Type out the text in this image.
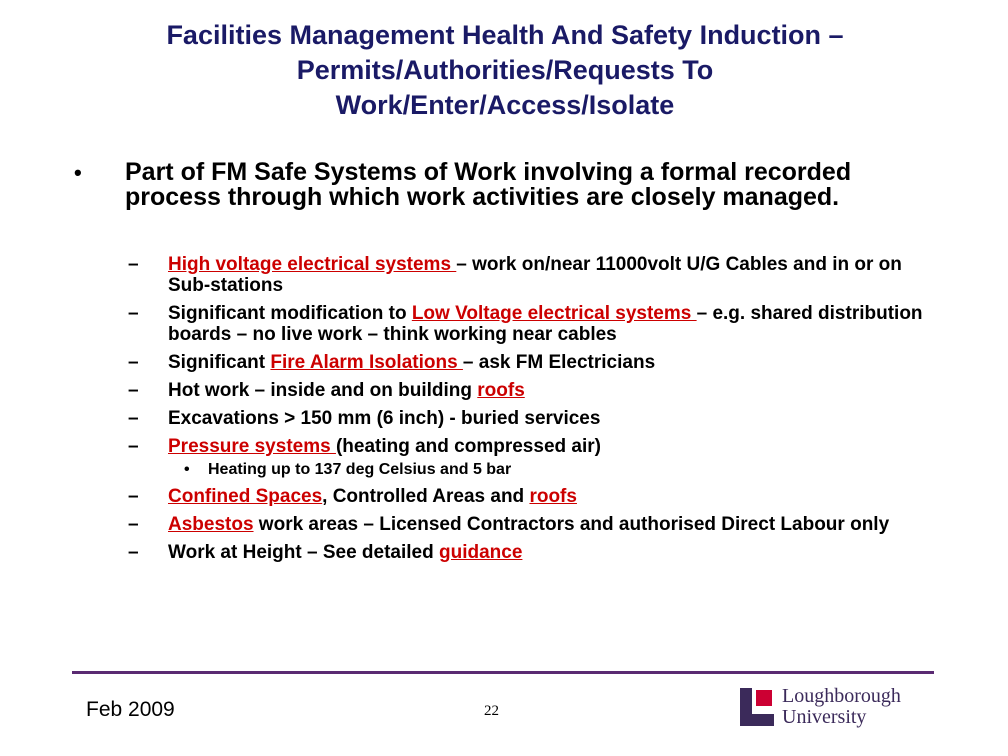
Facilities Management Health And Safety Induction –
Permits/Authorities/Requests To
Work/Enter/Access/Isolate
• Part of FM Safe Systems of Work involving a formal recorded process through which work activities are closely managed.
– High voltage electrical systems – work on/near 11000volt U/G Cables and in or on Sub-stations
– Significant modification to Low Voltage electrical systems – e.g. shared distribution boards – no live work – think working near cables
– Significant Fire Alarm Isolations – ask FM Electricians
– Hot work – inside and on building roofs
– Excavations > 150 mm (6 inch) - buried services
– Pressure systems (heating and compressed air)
• Heating up to 137 deg Celsius and 5 bar
– Confined Spaces, Controlled Areas and roofs
– Asbestos work areas – Licensed Contractors and authorised Direct Labour only
– Work at Height – See detailed guidance
Feb 2009	22
Loughborough
University
